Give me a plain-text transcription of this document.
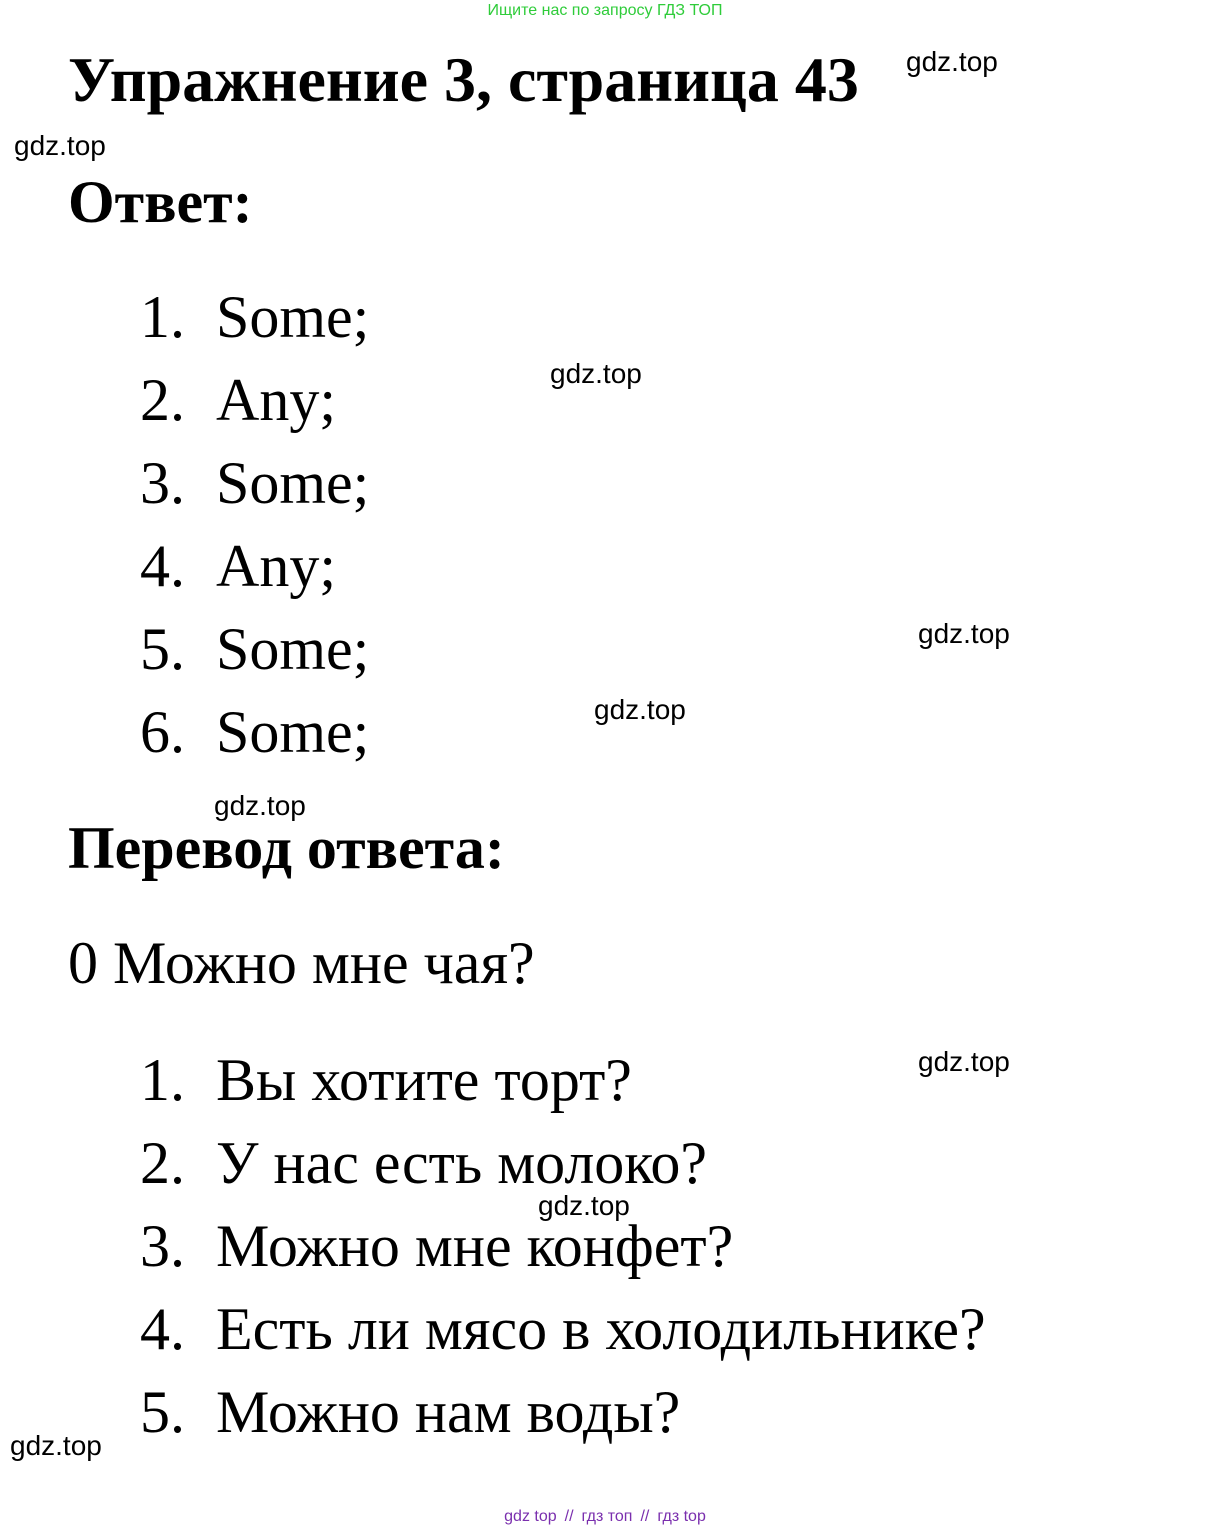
Ищите нас по запросу ГДЗ ТОП
Упражнение 3, страница 43
Ответ:
1. Some;
2. Any;
3. Some;
4. Any;
5. Some;
6. Some;
Перевод ответа:
0 Можно мне чая?
1. Вы хотите торт?
2. У нас есть молоко?
3. Можно мне конфет?
4. Есть ли мясо в холодильнике?
5. Можно нам воды?
gdz.top
gdz.top
gdz.top
gdz.top
gdz.top
gdz.top
gdz.top
gdz.top
gdz.top
gdz top // гдз топ // гдз top
